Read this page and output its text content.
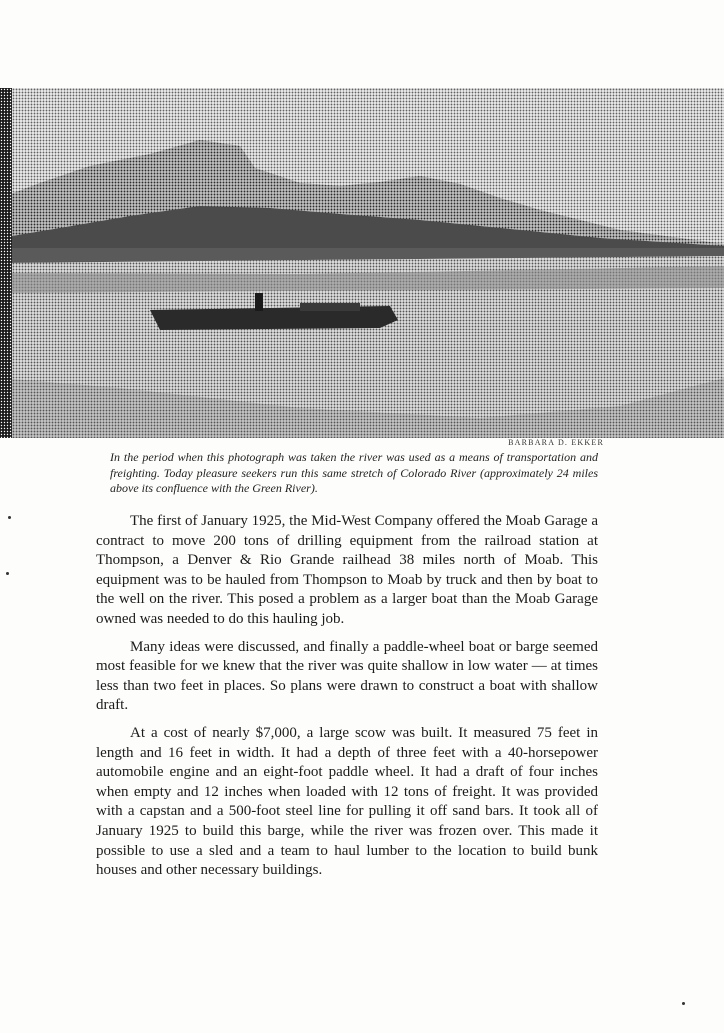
BARBARA D. EKKER
In the period when this photograph was taken the river was used as a means of transportation and freighting. Today pleasure seekers run this same stretch of Colorado River (approximately 24 miles above its confluence with the Green River).

The first of January 1925, the Mid-West Company offered the Moab Garage a contract to move 200 tons of drilling equipment from the railroad station at Thompson, a Denver & Rio Grande railhead 38 miles north of Moab. This equipment was to be hauled from Thompson to Moab by truck and then by boat to the well on the river. This posed a problem as a larger boat than the Moab Garage owned was needed to do this hauling job.

Many ideas were discussed, and finally a paddle-wheel boat or barge seemed most feasible for we knew that the river was quite shallow in low water — at times less than two feet in places. So plans were drawn to construct a boat with shallow draft.

At a cost of nearly $7,000, a large scow was built. It measured 75 feet in length and 16 feet in width. It had a depth of three feet with a 40-horsepower automobile engine and an eight-foot paddle wheel. It had a draft of four inches when empty and 12 inches when loaded with 12 tons of freight. It was provided with a capstan and a 500-foot steel line for pulling it off sand bars. It took all of January 1925 to build this barge, while the river was frozen over. This made it possible to use a sled and a team to haul lumber to the location to build bunk houses and other necessary buildings.
